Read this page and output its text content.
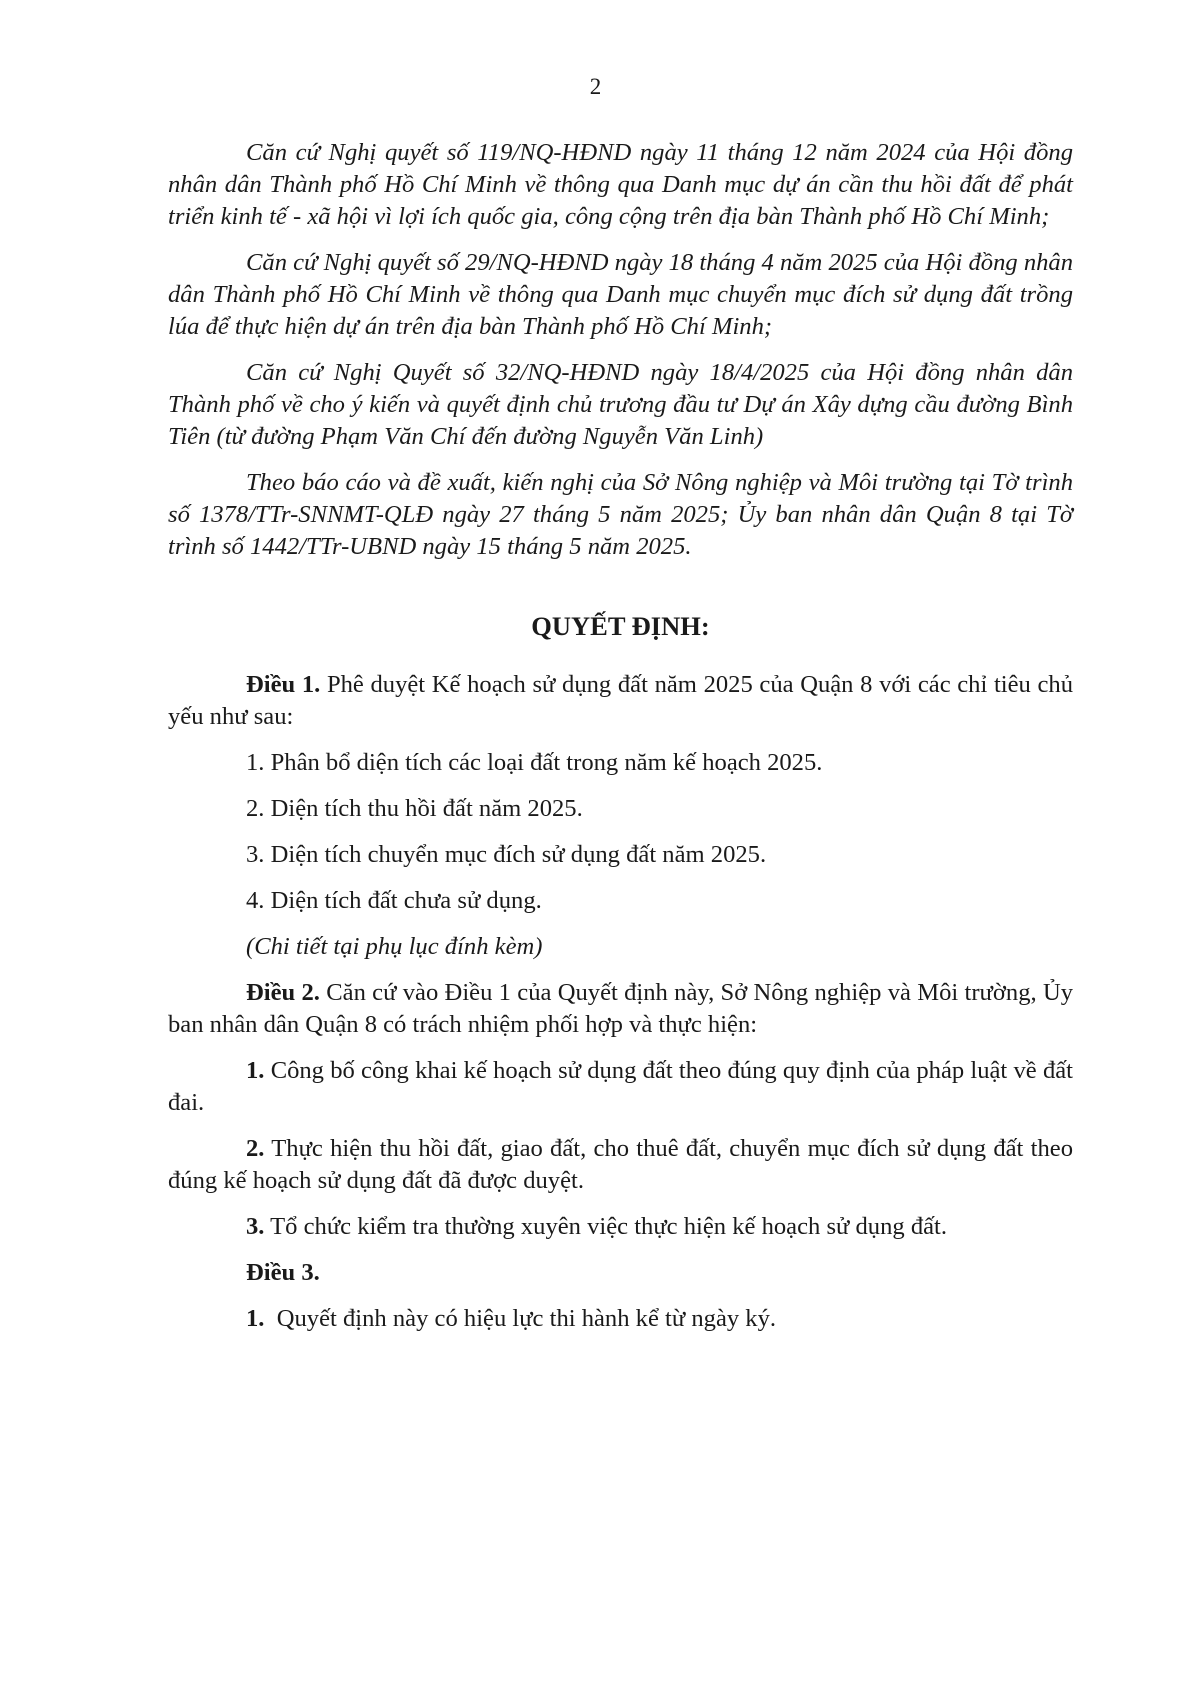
2

Căn cứ Nghị quyết số 119/NQ-HĐND ngày 11 tháng 12 năm 2024 của Hội đồng nhân dân Thành phố Hồ Chí Minh về thông qua Danh mục dự án cần thu hồi đất để phát triển kinh tế - xã hội vì lợi ích quốc gia, công cộng trên địa bàn Thành phố Hồ Chí Minh;

Căn cứ Nghị quyết số 29/NQ-HĐND ngày 18 tháng 4 năm 2025 của Hội đồng nhân dân Thành phố Hồ Chí Minh về thông qua Danh mục chuyển mục đích sử dụng đất trồng lúa để thực hiện dự án trên địa bàn Thành phố Hồ Chí Minh;

Căn cứ Nghị Quyết số 32/NQ-HĐND ngày 18/4/2025 của Hội đồng nhân dân Thành phố về cho ý kiến và quyết định chủ trương đầu tư Dự án Xây dựng cầu đường Bình Tiên (từ đường Phạm Văn Chí đến đường Nguyễn Văn Linh)

Theo báo cáo và đề xuất, kiến nghị của Sở Nông nghiệp và Môi trường tại Tờ trình số 1378/TTr-SNNMT-QLĐ ngày 27 tháng 5 năm 2025; Ủy ban nhân dân Quận 8 tại Tờ trình số 1442/TTr-UBND ngày 15 tháng 5 năm 2025.

QUYẾT ĐỊNH:

Điều 1. Phê duyệt Kế hoạch sử dụng đất năm 2025 của Quận 8 với các chỉ tiêu chủ yếu như sau:

1. Phân bổ diện tích các loại đất trong năm kế hoạch 2025.

2. Diện tích thu hồi đất năm 2025.

3. Diện tích chuyển mục đích sử dụng đất năm 2025.

4. Diện tích đất chưa sử dụng.

(Chi tiết tại phụ lục đính kèm)

Điều 2. Căn cứ vào Điều 1 của Quyết định này, Sở Nông nghiệp và Môi trường, Ủy ban nhân dân Quận 8 có trách nhiệm phối hợp và thực hiện:

1. Công bố công khai kế hoạch sử dụng đất theo đúng quy định của pháp luật về đất đai.

2. Thực hiện thu hồi đất, giao đất, cho thuê đất, chuyển mục đích sử dụng đất theo đúng kế hoạch sử dụng đất đã được duyệt.

3. Tổ chức kiểm tra thường xuyên việc thực hiện kế hoạch sử dụng đất.

Điều 3.

1.  Quyết định này có hiệu lực thi hành kể từ ngày ký.
